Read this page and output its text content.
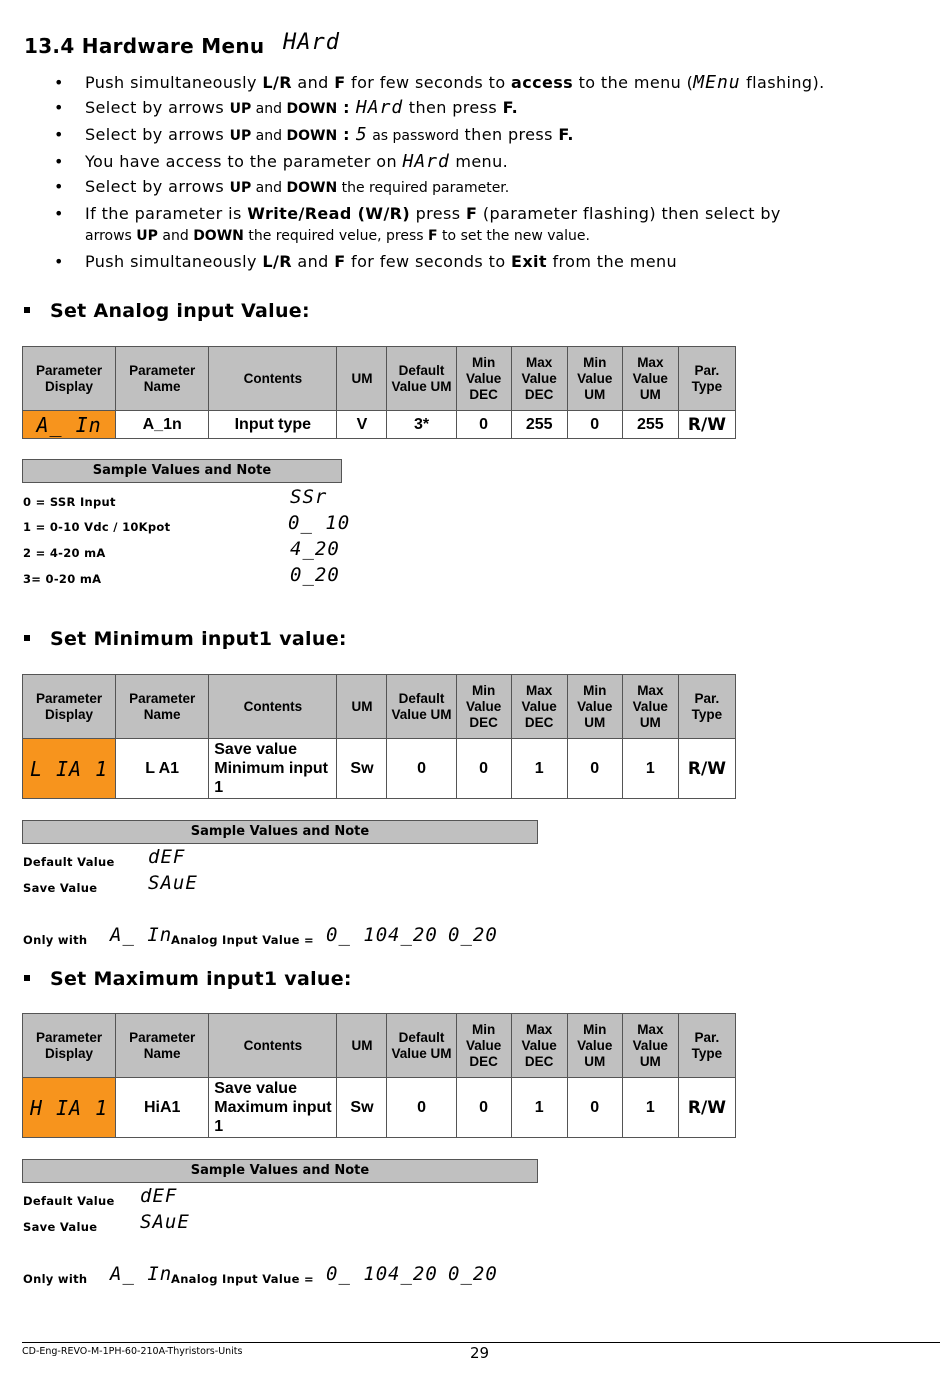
13.4 Hardware Menu HArd
• Push simultaneously L/R and F for few seconds to access to the menu (MEnu flashing).
• Select by arrows UP and DOWN : HArd then press F.
• Select by arrows UP and DOWN : 5 as password then press F.
• You have access to the parameter on HArd menu.
• Select by arrows UP and DOWN the required parameter.
• If the parameter is Write/Read (W/R) press F (parameter flashing) then select by
arrows UP and DOWN the required velue, press F to set the new value.
• Push simultaneously L/R and F for few seconds to Exit from the menu
Set Analog input Value:
Parameter Display	Parameter Name	Contents	UM	Default Value UM	Min Value DEC	Max Value DEC	Min Value UM	Max Value UM	Par. Type
A_ In	A_1n	Input type	V	3*	0	255	0	255	R/W
Sample Values and Note
0 = SSR Input	SSr
1 = 0-10 Vdc / 10Kpot	0_ 10
2 = 4-20 mA	4_20
3= 0-20 mA	0_20
Set Minimum input1 value:
Parameter Display	Parameter Name	Contents	UM	Default Value UM	Min Value DEC	Max Value DEC	Min Value UM	Max Value UM	Par. Type
L IA 1	L A1	Save value Minimum input 1	Sw	0	0	1	0	1	R/W
Sample Values and Note
Default Value dEF
Save Value	SAuE
Only with A_ In
Analog Input Value = 0_ 10 4_20 0_20
Set Maximum input1 value:
Parameter Display	Parameter Name	Contents	UM	Default Value UM	Min Value DEC	Max Value DEC	Min Value UM	Max Value UM	Par. Type
H IA 1	HiA1	Save value Maximum input 1	Sw	0	0	1	0	1	R/W
Sample Values and Note
Default Value dEF
Save Value SAuE
Only with A_ In
Analog Input Value = 0_ 10 4_20 0_20
CD-Eng-REVO-M-1PH-60-210A-Thyristors-Units	29
